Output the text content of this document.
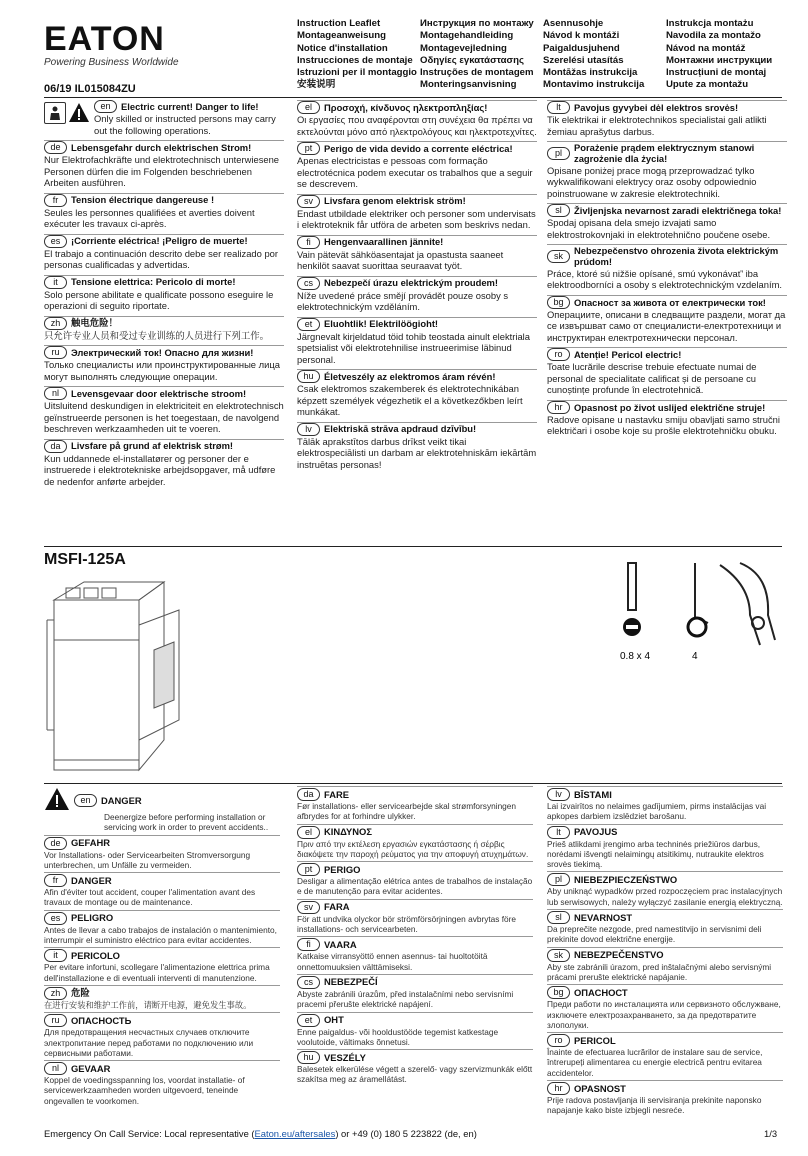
EATON
Powering Business Worldwide
06/19 IL015084ZU
Instruction Leaflet
Montageanweisung
Notice d'installation
Instrucciones de montaje
Istruzioni per il montaggio
安装说明
Инструкция по монтажу
Montagehandleiding
Montagevejledning
Οδηγίες εγκατάστασης
Instruções de montagem
Monteringsanvisning
Asennusohje
Návod k montáži
Paigaldusjuhend
Szerelési utasítás
Montāžas instrukcija
Montavimo instrukcija
Instrukcja montażu
Navodila za montažo
Návod na montáž
Монтажни инструкции
Instrucțiuni de montaj
Upute za montažu
en	Electric current! Danger to life!
Only skilled or instructed persons may carry out the following operations.
de	Lebensgefahr durch elektrischen Strom!
Nur Elektrofachkräfte und elektrotechnisch unterwiesene Personen dürfen die im Folgenden beschriebenen Arbeiten ausführen.
fr	Tension électrique dangereuse !
Seules les personnes qualifiées et averties doivent exécuter les travaux ci-après.
es	¡Corriente eléctrica! ¡Peligro de muerte!
El trabajo a continuación descrito debe ser realizado por personas cualificadas y advertidas.
it	Tensione elettrica: Pericolo di morte!
Solo persone abilitate e qualificate possono eseguire le operazioni di seguito riportate.
zh	触电危险！
只允许专业人员和受过专业训练的人员进行下列工作。
ru	Электрический ток! Опасно для жизни!
Только специалисты или проинструктированные лица могут выполнять следующие операции.
nl	Levensgevaar door elektrische stroom!
Uitsluitend deskundigen in elektriciteit en elektrotechnisch geïnstrueerde personen is het toegestaan, de navolgend beschreven werkzaamheden uit te voeren.
da	Livsfare på grund af elektrisk strøm!
Kun uddannede el-installatører og personer der e instruerede i elektrotekniske arbejdsopgaver, må udføre de nedenfor anførte arbejder.
el	Προσοχή, κίνδυνος ηλεκτροπληξίας!
Οι εργασίες που αναφέρονται στη συνέχεια θα πρέπει να εκτελούνται μόνο από ηλεκτρολόγους και ηλεκτροτεχνίτες.
pt	Perigo de vida devido a corrente eléctrica!
Apenas electricistas e pessoas com formação electrotécnica podem executar os trabalhos que a seguir se descrevem.
sv	Livsfara genom elektrisk ström!
Endast utbildade elektriker och personer som undervisats i elektroteknik får utföra de arbeten som beskrivs nedan.
fi	Hengenvaarallinen jännite!
Vain pätevät sähköasentajat ja opastusta saaneet henkilöt saavat suorittaa seuraavat työt.
cs	Nebezpečí úrazu elektrickým proudem!
Níže uvedené práce smějí provádět pouze osoby s elektrotechnickým vzděláním.
et	Eluohtlik! Elektrilöögioht!
Järgnevalt kirjeldatud töid tohib teostada ainult elektriala spetsialist või elektrotehnilise instrueerimise läbinud personal.
hu	Életveszély az elektromos áram révén!
Csak elektromos szakemberek és elektrotechnikában képzett személyek végezhetik el a következőkben leírt munkákat.
lv	Elektriskā strāva apdraud dzīvību!
Tālāk aprakstītos darbus drīkst veikt tikai elektrospeciālisti un darbam ar elektrotehniskām iekārtām instruētas personas!
lt	Pavojus gyvybei dėl elektros srovės!
Tik elektrikai ir elektrotechnikos specialistai gali atlikti žemiau aprašytus darbus.
pl	Porażenie prądem elektrycznym stanowi zagrożenie dla życia!
Opisane poniżej prace mogą przeprowadzać tylko wykwalifikowani elektrycy oraz osoby odpowiednio poinstruowane w zakresie elektrotechniki.
sl	Življenjska nevarnost zaradi električnega toka!
Spodaj opisana dela smejo izvajati samo elektrostrokovnjaki in elektrotehnično poučene osebe.
sk	Nebezpečenstvo ohrozenia života elektrickým prúdom!
Práce, ktoré sú nižšie opísané, smú vykonávať’ iba elektroodborníci a osoby s elektrotechnickým vzdelaním.
bg	Опасност за живота от електрически ток!
Операциите, описани в следващите раздели, могат да се извършват само от специалисти-електротехници и инструктиран електротехнически персонал.
ro	Atenție! Pericol electric!
Toate lucrările descrise trebuie efectuate numai de personal de specialitate calificat și de persoane cu cunoștințe profunde în electrotehnică.
hr	Opasnost po život uslijed električne struje!
Radove opisane u nastavku smiju obavljati samo stručni električari i osobe koje su prošle elektrotehničku obuku.
MSFI-125A
0.8 x 4	4
en	DANGER
Deenergize before performing installation or servicing work in order to prevent accidents..
de	GEFAHR
Vor Installations- oder Servicearbeiten Stromversorgung unterbrechen, um Unfälle zu vermeiden.
fr	DANGER
Afin d'éviter tout accident, couper l'alimentation avant des travaux de montage ou de maintenance.
es	PELIGRO
Antes de llevar a cabo trabajos de instalación o mantenimiento, interrumpir el suministro eléctrico para evitar accidentes.
it	PERICOLO
Per evitare infortuni, scollegare l'alimentazione elettrica prima dell'installazione e di eventuali interventi di manutenzione.
zh	危险
在进行安装和维护工作前，请断开电源，避免发生事故。
ru	ОПАСНОСТЬ
Для предотвращения несчастных случаев отключите электропитание перед работами по подключению или сервисными работами.
nl	GEVAAR
Koppel de voedingsspanning los, voordat installatie- of servicewerkzaamheden worden uitgevoerd, teneinde ongevallen te voorkomen.
da	FARE
Før installations- eller servicearbejde skal strømforsyningen afbrydes for at forhindre ulykker.
el	ΚΙΝΔΥΝΟΣ
Πριν από την εκτέλεση εργασιών εγκατάστασης ή σέρβις διακόψετε την παροχή ρεύματος για την αποφυγή ατυχημάτων.
pt	PERIGO
Desligar a alimentação elétrica antes de trabalhos de instalação e de manutenção para evitar acidentes.
sv	FARA
För att undvika olyckor bör strömförsörjningen avbrytas före installations- och servicearbeten.
fi	VAARA
Katkaise virransyöttö ennen asennus- tai huoltotöitä onnettomuuksien välttämiseksi.
cs	NEBEZPEČÍ
Abyste zabránili úrazům, před instalačními nebo servisními pracemi přerušte elektrické napájení.
et	OHT
Enne paigaldus- või hooldustööde tegemist katkestage voolutoide, vältimaks õnnetusi.
hu	VESZÉLY
Balesetek elkerülése végett a szerelő- vagy szervizmunkák előtt szakítsa meg az áramellátást.
lv	BĪSTAMI
Lai izvairītos no nelaimes gadījumiem, pirms instalācijas vai apkopes darbiem izslēdziet barošanu.
lt	PAVOJUS
Prieš atlikdami įrengimo arba techninės priežiūros darbus, norėdami išvengti nelaimingų atsitikimų, nutraukite elektros srovės tiekimą.
pl	NIEBEZPIECZEŃSTWO
Aby uniknąć wypadków przed rozpoczęciem prac instalacyjnych lub serwisowych, należy wyłączyć zasilanie energią elektryczną.
sl	NEVARNOST
Da preprečite nezgode, pred namestitvijo in servisnimi deli prekinite dovod električne energije.
sk	NEBEZPEČENSTVO
Aby ste zabránili úrazom, pred inštalačnými alebo servisnými prácami prerušte elektrické napájanie.
bg	ОПАСНОСТ
Преди работи по инсталацията или сервизното обслужване, изключете електрозахранването, за да предотвратите злополуки.
ro	PERICOL
Înainte de efectuarea lucrărilor de instalare sau de service, întrerupeți alimentarea cu energie electrică pentru evitarea accidentelor.
hr	OPASNOST
Prije radova postavljanja ili servisiranja prekinite naponsko napajanje kako biste izbjegli nesreće.
Emergency On Call Service: Local representative (Eaton.eu/aftersales) or +49 (0) 180 5 223822 (de, en)	1/3
